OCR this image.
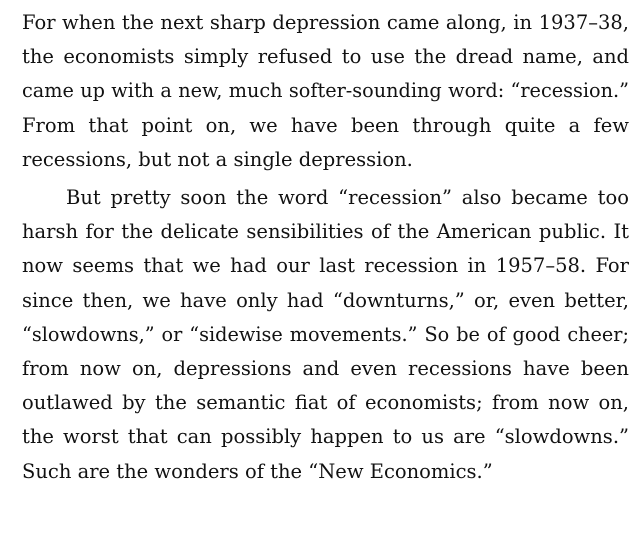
For when the next sharp depression came along, in 1937–38,
the economists simply refused to use the dread name, and
came up with a new, much softer-sounding word: “recession.”
From that point on, we have been through quite a few
recessions, but not a single depression.

But pretty soon the word “recession” also became too
harsh for the delicate sensibilities of the American public. It
now seems that we had our last recession in 1957–58. For
since then, we have only had “downturns,” or, even better,
“slowdowns,” or “sidewise movements.” So be of good cheer;
from now on, depressions and even recessions have been
outlawed by the semantic fiat of economists; from now on,
the worst that can possibly happen to us are “slowdowns.”
Such are the wonders of the “New Economics.”
